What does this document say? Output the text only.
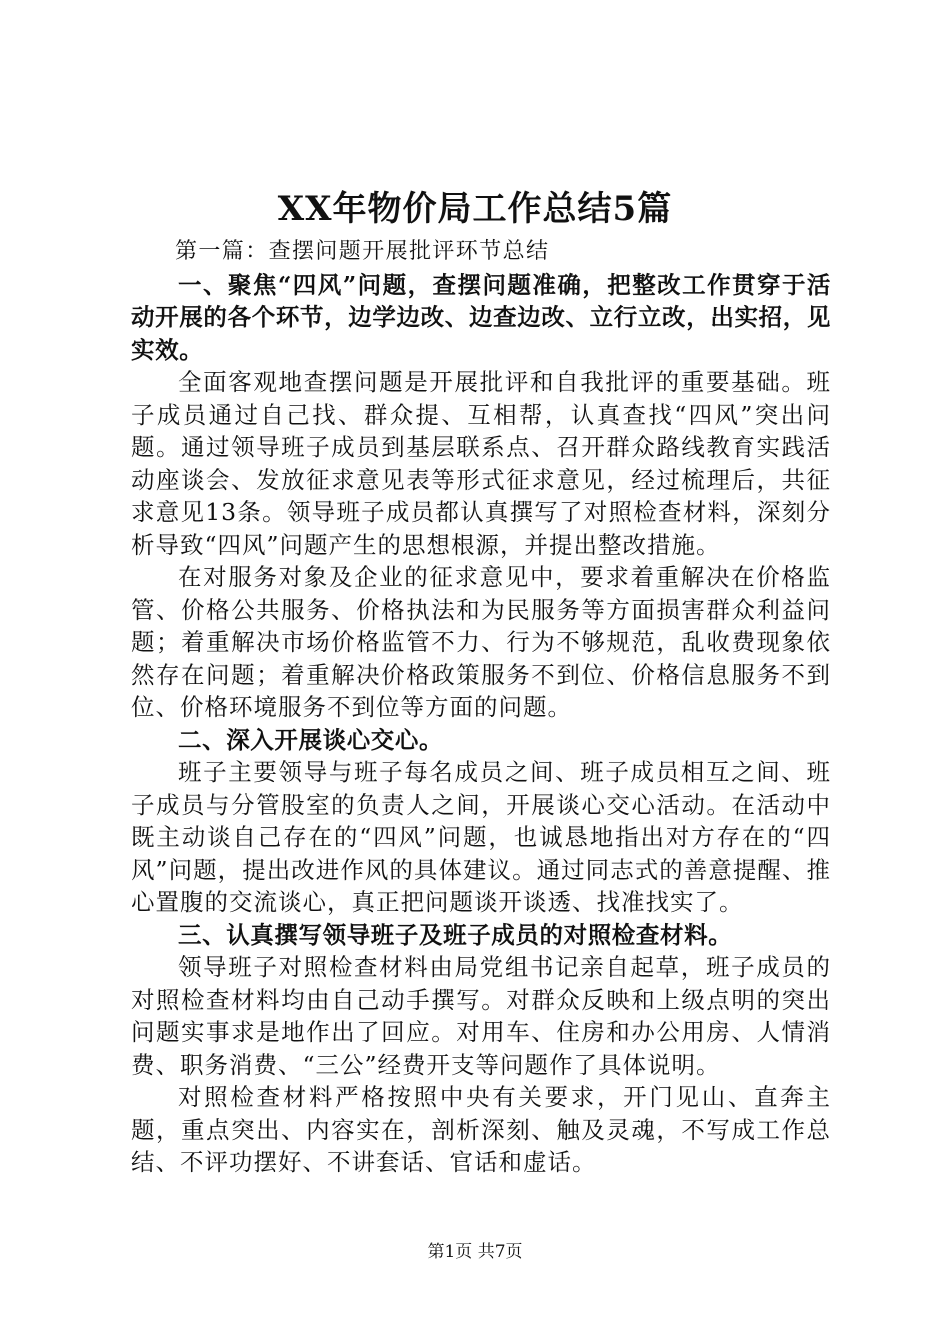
XX年物价局工作总结5篇

第一篇：查摆问题开展批评环节总结

一、聚焦“四风”问题，查摆问题准确，把整改工作贯穿于活动开展的各个环节，边学边改、边查边改、立行立改，出实招，见实效。

全面客观地查摆问题是开展批评和自我批评的重要基础。班子成员通过自己找、群众提、互相帮，认真查找“四风”突出问题。通过领导班子成员到基层联系点、召开群众路线教育实践活动座谈会、发放征求意见表等形式征求意见，经过梳理后，共征求意见13条。领导班子成员都认真撰写了对照检查材料，深刻分析导致“四风”问题产生的思想根源，并提出整改措施。

在对服务对象及企业的征求意见中，要求着重解决在价格监管、价格公共服务、价格执法和为民服务等方面损害群众利益问题；着重解决市场价格监管不力、行为不够规范，乱收费现象依然存在问题；着重解决价格政策服务不到位、价格信息服务不到位、价格环境服务不到位等方面的问题。

二、深入开展谈心交心。

班子主要领导与班子每名成员之间、班子成员相互之间、班子成员与分管股室的负责人之间，开展谈心交心活动。在活动中既主动谈自己存在的“四风”问题，也诚恳地指出对方存在的“四风”问题，提出改进作风的具体建议。通过同志式的善意提醒、推心置腹的交流谈心，真正把问题谈开谈透、找准找实了。

三、认真撰写领导班子及班子成员的对照检查材料。

领导班子对照检查材料由局党组书记亲自起草，班子成员的对照检查材料均由自己动手撰写。对群众反映和上级点明的突出问题实事求是地作出了回应。对用车、住房和办公用房、人情消费、职务消费、“三公”经费开支等问题作了具体说明。

对照检查材料严格按照中央有关要求，开门见山、直奔主题，重点突出、内容实在，剖析深刻、触及灵魂，不写成工作总结、不评功摆好、不讲套话、官话和虚话。

第1页 共7页
